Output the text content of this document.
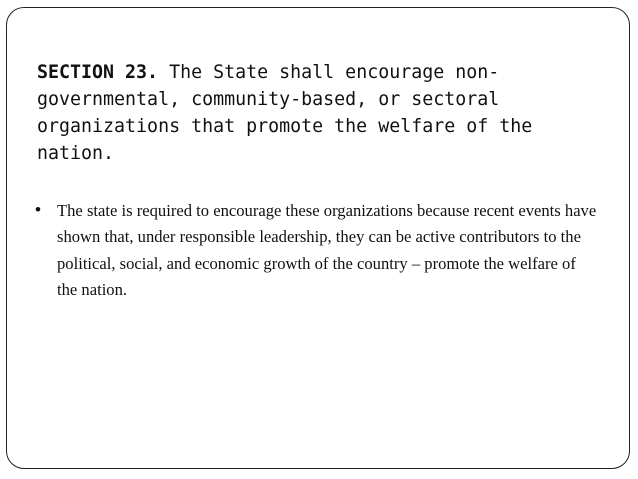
SECTION 23. The State shall encourage non-governmental, community-based, or sectoral organizations that promote the welfare of the nation.

• The state is required to encourage these organizations because recent events have shown that, under responsible leadership, they can be active contributors to the political, social, and economic growth of the country – promote the welfare of the nation.
